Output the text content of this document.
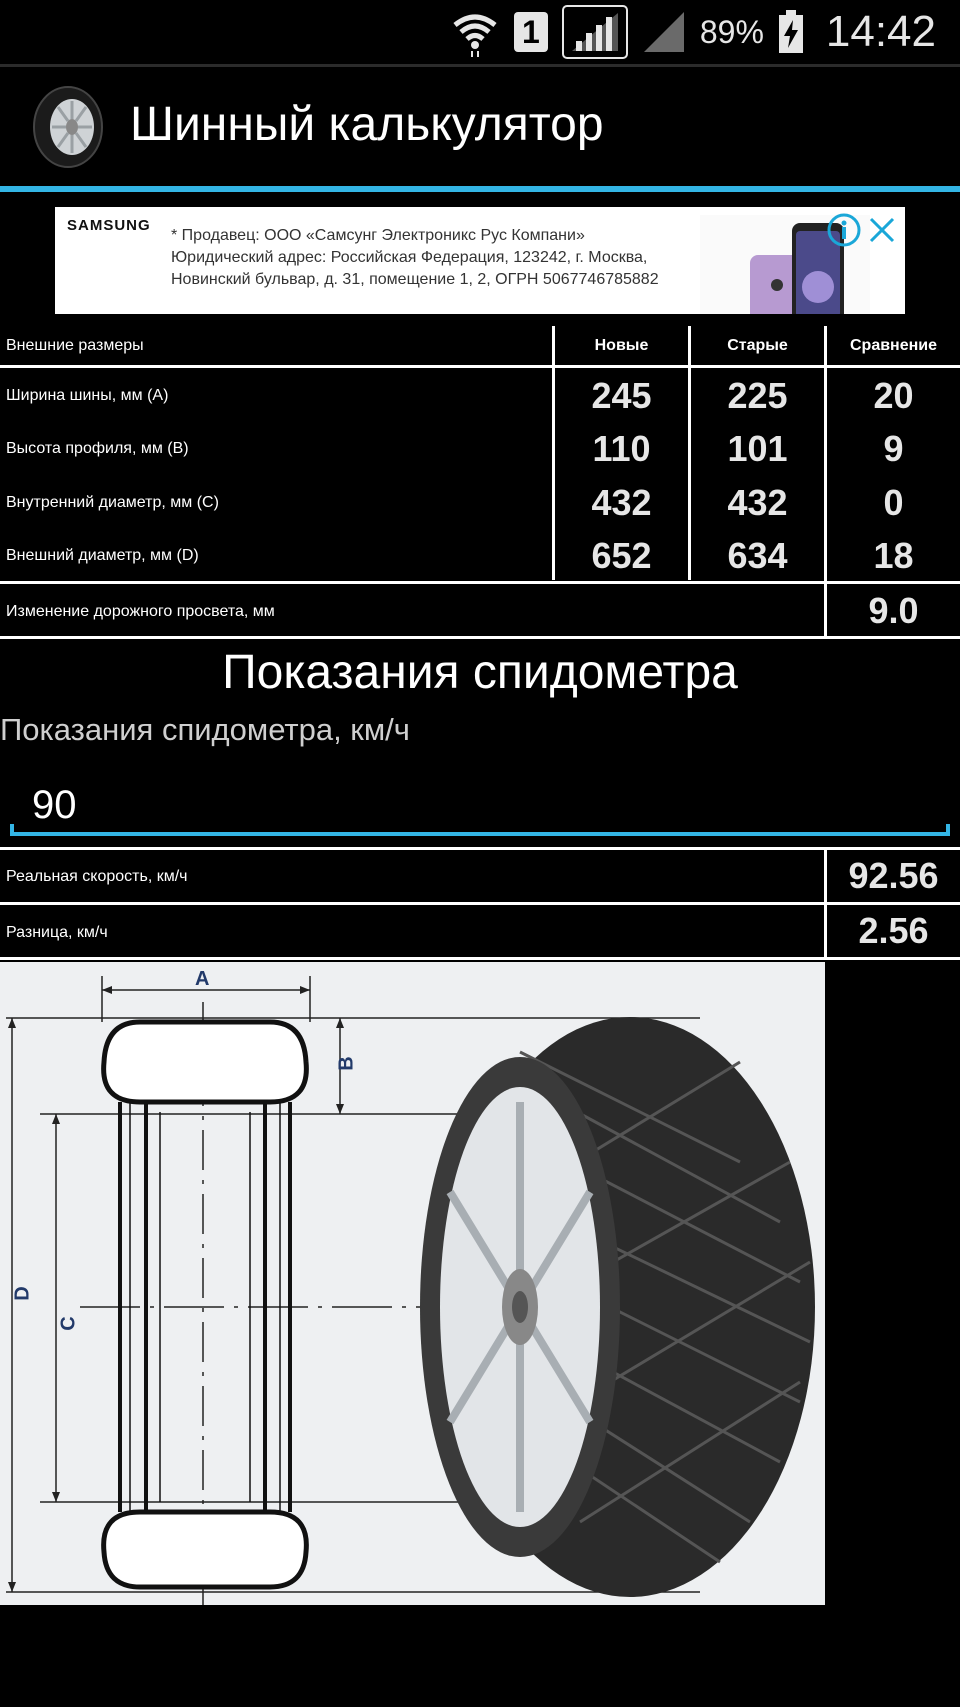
1	89% 14:42
Шинный калькулятор
SAMSUNG
* Продавец: ООО «Самсунг Электроникс Рус Компани»
Юридический адрес: Российская Федерация, 123242, г. Москва,
Новинский бульвар, д. 31, помещение 1, 2, ОГРН 5067746785882
Внешние размеры	Новые	Старые	Сравнение
Ширина шины, мм (A)	245	225	20
Высота профиля, мм (B)	110	101	9
Внутренний диаметр, мм (C)	432	432	0
Внешний диаметр, мм (D)	652	634	18
Изменение дорожного просвета, мм	9.0
Показания спидометра
Показания спидометра, км/ч
90
Реальная скорость, км/ч	92.56
Разница, км/ч	2.56
A
B
C
D
